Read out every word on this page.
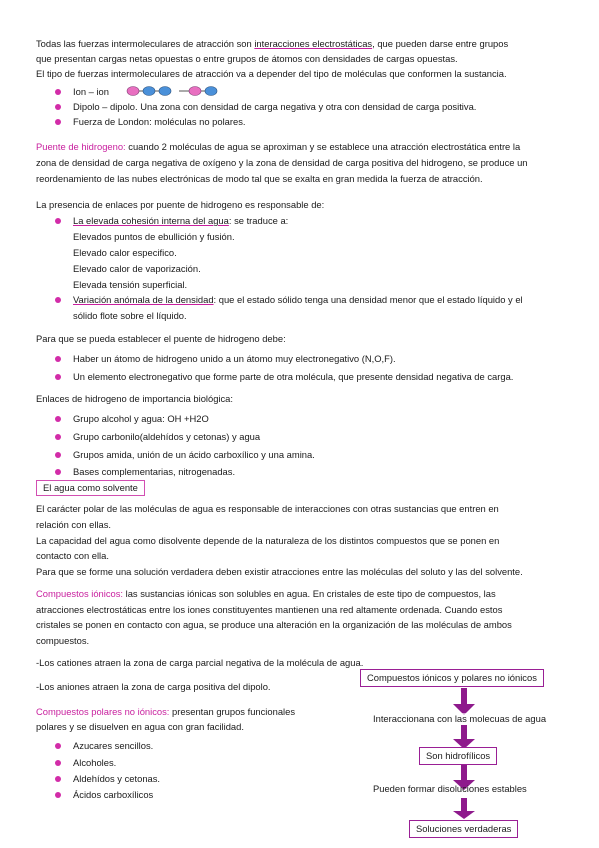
Todas las fuerzas intermoleculares de atracción son interacciones electrostáticas, que pueden darse entre grupos
que presentan cargas netas opuestas o entre grupos de átomos con densidades de cargas opuestas.
El tipo de fuerzas intermoleculares de atracción va a depender del tipo de moléculas que conformen la sustancia.
Ion – ion
Dipolo – dipolo. Una zona con densidad de carga negativa y otra con densidad de carga positiva.
Fuerza de London: moléculas no polares.
Puente de hidrogeno: cuando 2 moléculas de agua se aproximan y se establece una atracción electrostática entre la
zona de densidad de carga negativa de oxígeno y la zona de densidad de carga positiva del hidrogeno, se produce un
reordenamiento de las nubes electrónicas de modo tal que se exalta en gran medida la fuerza de atracción.
La presencia de enlaces por puente de hidrogeno es responsable de:
La elevada cohesión interna del agua: se traduce a:
Elevados puntos de ebullición y fusión.
Elevado calor especifico.
Elevado calor de vaporización.
Elevada tensión superficial.
Variación anómala de la densidad: que el estado sólido tenga una densidad menor que el estado líquido y el
sólido flote sobre el líquido.
Para que se pueda establecer el puente de hidrogeno debe:
Haber un átomo de hidrogeno unido a un átomo muy electronegativo (N,O,F).
Un elemento electronegativo que forme parte de otra molécula, que presente densidad negativa de carga.
Enlaces de hidrogeno de importancia biológica:
Grupo alcohol y agua: OH +H2O
Grupo carbonilo(aldehídos y cetonas) y agua
Grupos amida, unión de un ácido carboxílico y una amina.
Bases complementarias, nitrogenadas.
El agua como solvente
El carácter polar de las moléculas de agua es responsable de interacciones con otras sustancias que entren en
relación con ellas.
La capacidad del agua como disolvente depende de la naturaleza de los distintos compuestos que se ponen en
contacto con ella.
Para que se forme una solución verdadera deben existir atracciones entre las moléculas del soluto y las del solvente.
Compuestos iónicos: las sustancias iónicas son solubles en agua. En cristales de este tipo de compuestos, las
atracciones electrostáticas entre los iones constituyentes mantienen una red altamente ordenada. Cuando estos
cristales se ponen en contacto con agua, se produce una alteración en la organización de las moléculas de ambos
compuestos.
-Los cationes atraen la zona de carga parcial negativa de la molécula de agua.
-Los aniones atraen la zona de carga positiva del dipolo.
Compuestos polares no iónicos: presentan grupos funcionales
polares y se disuelven en agua con gran facilidad.
Azucares sencillos.
Alcoholes.
Aldehídos y cetonas.
Ácidos carboxílicos
Compuestos iónicos y polares no iónicos
Interaccionana con las molecuas de agua
Son hidrofílicos
Pueden formar disoluciones estables
Soluciones verdaderas
